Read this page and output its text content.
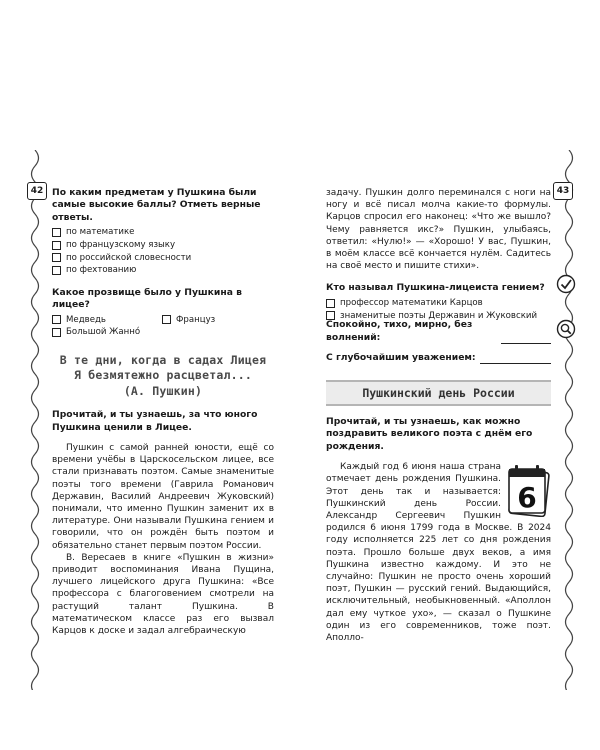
42	43

По каким предметам у Пушкина были самые высокие баллы? Отметь верные ответы.

по математике
по французскому языку
по российской словесности
по фехтованию

Какое прозвище было у Пушкина в лицее?

Медведь	Француз
Большой Жанно́
В те дни, когда в садах Лицея
Я безмятежно расцветал...
(А. Пушкин)

Прочитай, и ты узнаешь, за что юного Пушкина ценили в Лицее.

Пушкин с самой ранней юности, ещё со времени учёбы в Царскосельском лицее, все стали признавать поэтом. Самые знаменитые поэты того времени (Гаврила Романович Державин, Василий Андреевич Жуковский) понимали, что именно Пушкин заменит их в литературе. Они называли Пушкина гением и говорили, что он рождён быть поэтом и обязательно станет первым поэтом России.

В. Вересаев в книге «Пушкин в жизни» приводит воспоминания Ивана Пущина, лучшего лицейского друга Пушкина: «Все профессора с благоговением смотрели на растущий талант Пушкина. В математическом классе раз его вызвал Карцов к доске и задал алгебраическую

задачу. Пушкин долго переминался с ноги на ногу и всё писал молча какие-то формулы. Карцов спросил его наконец: «Что же вышло? Чему равняется икс?» Пушкин, улыбаясь, ответил: «Нулю!» — «Хорошо! У вас, Пушкин, в моём классе всё кончается нулём. Садитесь на своё место и пишите стихи».

Кто называл Пушкина-лицеиста гением?

профессор математики Карцов
знаменитые поэты Державин и Жуковский
Спокойно, тихо, мирно, без волнений:
С глубочайшим уважением:
Пушкинский день России

Прочитай, и ты узнаешь, как можно поздравить великого поэта с днём его рождения.

6

Каждый год 6 июня наша страна отмечает день рождения Пушкина. Этот день так и называется: Пушкинский день России. Александр Сергеевич Пушкин родился 6 июня 1799 года в Москве. В 2024 году исполняется 225 лет со дня рождения поэта. Прошло больше двух веков, а имя Пушкина известно каждому. И это не случайно: Пушкин не просто очень хороший поэт, Пушкин — русский гений. Выдающийся, исключительный, необыкновенный. «Аполлон дал ему чуткое ухо», — сказал о Пушкине один из его современников, тоже поэт. Аполло-
